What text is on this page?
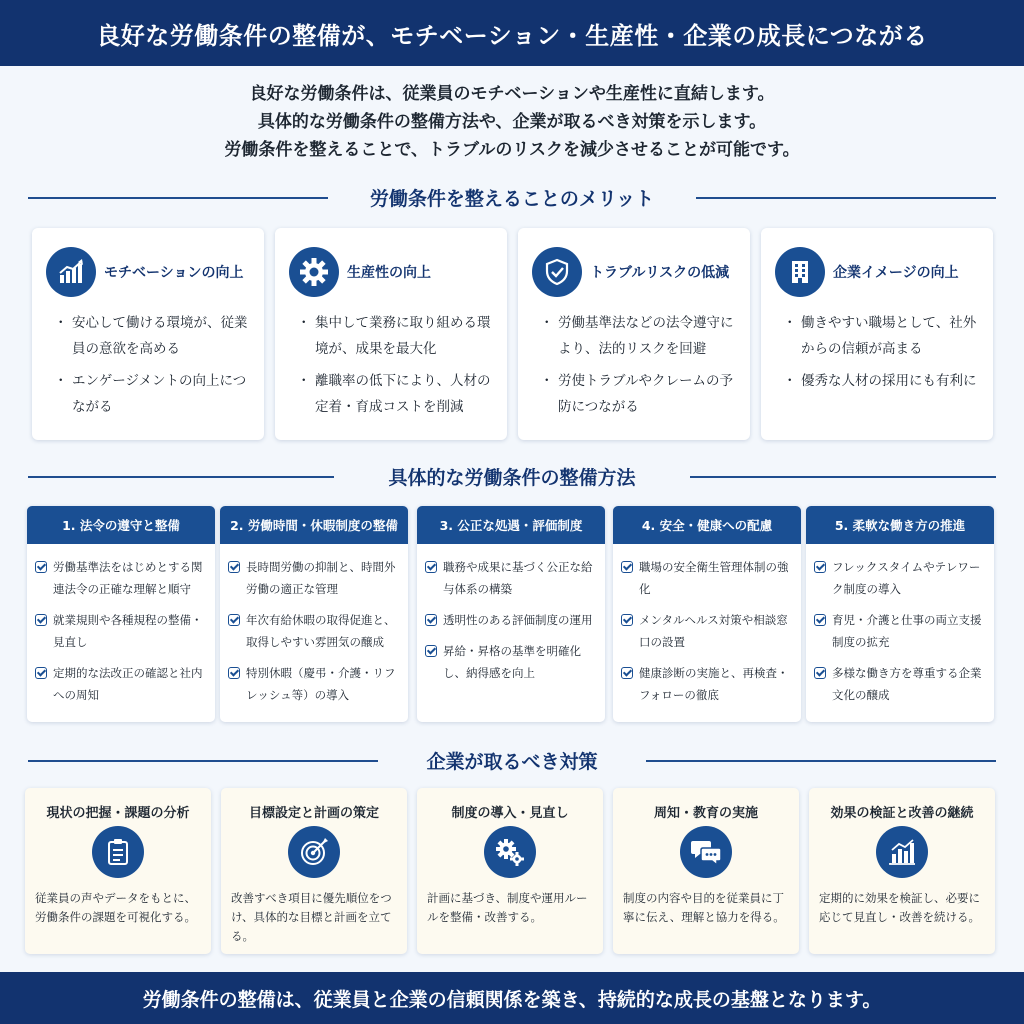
良好な労働条件の整備が、モチベーション・生産性・企業の成長につながる
良好な労働条件は、従業員のモチベーションや生産性に直結します。
具体的な労働条件の整備方法や、企業が取るべき対策を示します。
労働条件を整えることで、トラブルのリスクを減少させることが可能です。
労働条件を整えることのメリット
モチベーションの向上
・ 安心して働ける環境が、従業員の意欲を高める
・ エンゲージメントの向上につながる
生産性の向上
・ 集中して業務に取り組める環境が、成果を最大化
・ 離職率の低下により、人材の定着・育成コストを削減
トラブルリスクの低減
・ 労働基準法などの法令遵守により、法的リスクを回避
・ 労使トラブルやクレームの予防につながる
企業イメージの向上
・ 働きやすい職場として、社外からの信頼が高まる
・ 優秀な人材の採用にも有利に
具体的な労働条件の整備方法
1. 法令の遵守と整備
労働基準法をはじめとする関連法令の正確な理解と順守
就業規則や各種規程の整備・見直し
定期的な法改正の確認と社内への周知
2. 労働時間・休暇制度の整備
長時間労働の抑制と、時間外労働の適正な管理
年次有給休暇の取得促進と、取得しやすい雰囲気の醸成
特別休暇（慶弔・介護・リフレッシュ等）の導入
3. 公正な処遇・評価制度
職務や成果に基づく公正な給与体系の構築
透明性のある評価制度の運用
昇給・昇格の基準を明確化し、納得感を向上
4. 安全・健康への配慮
職場の安全衛生管理体制の強化
メンタルヘルス対策や相談窓口の設置
健康診断の実施と、再検査・フォローの徹底
5. 柔軟な働き方の推進
フレックスタイムやテレワーク制度の導入
育児・介護と仕事の両立支援制度の拡充
多様な働き方を尊重する企業文化の醸成
企業が取るべき対策
現状の把握・課題の分析
従業員の声やデータをもとに、労働条件の課題を可視化する。
目標設定と計画の策定
改善すべき項目に優先順位をつけ、具体的な目標と計画を立てる。
制度の導入・見直し
計画に基づき、制度や運用ルールを整備・改善する。
周知・教育の実施
制度の内容や目的を従業員に丁寧に伝え、理解と協力を得る。
効果の検証と改善の継続
定期的に効果を検証し、必要に応じて見直し・改善を続ける。
労働条件の整備は、従業員と企業の信頼関係を築き、持続的な成長の基盤となります。
